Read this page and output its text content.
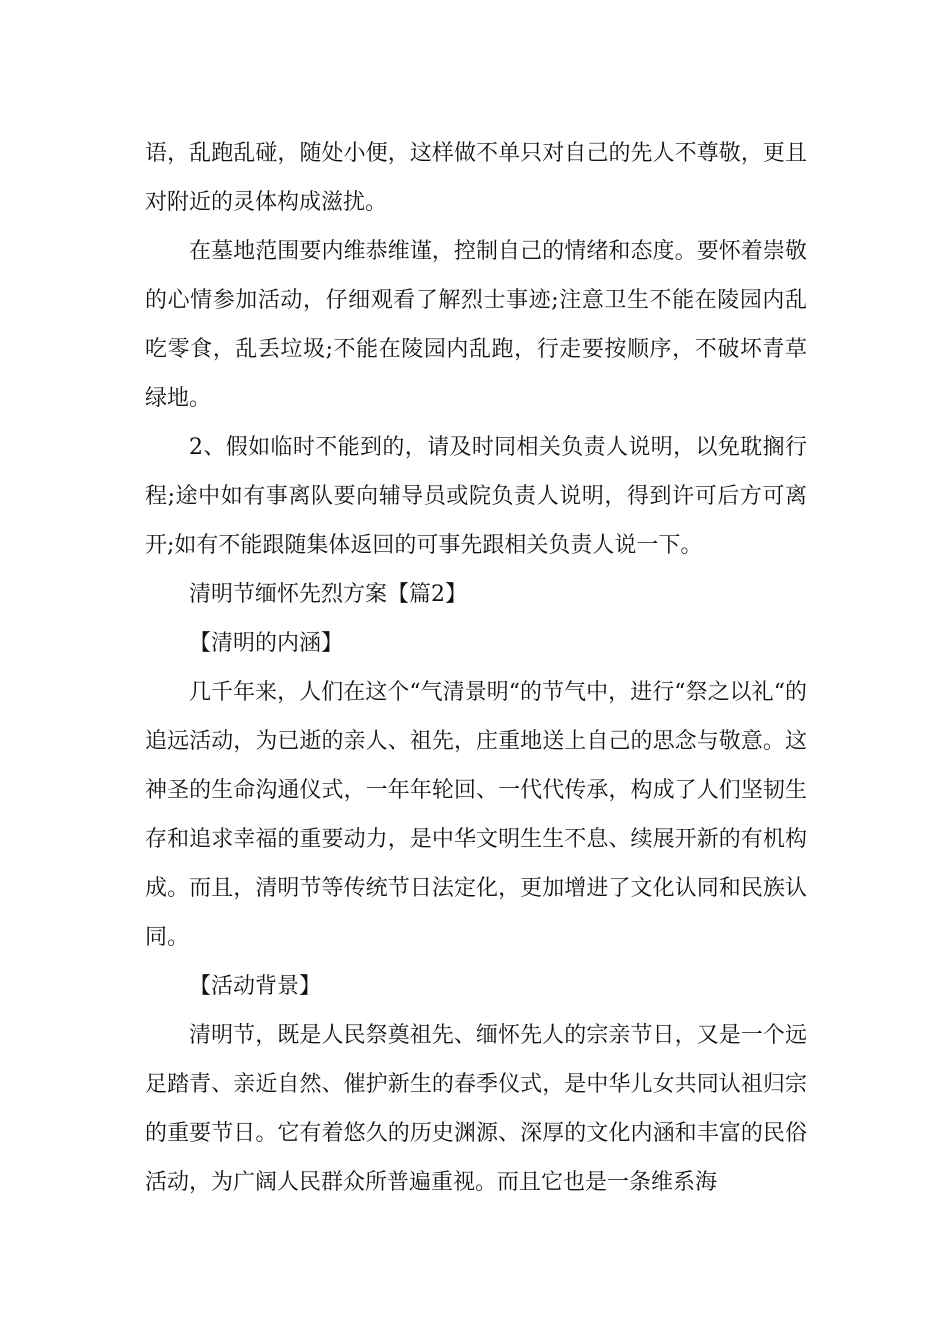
语，乱跑乱碰，随处小便，这样做不单只对自己的先人不尊敬，更且对附近的灵体构成滋扰。

在墓地范围要内维恭维谨，控制自己的情绪和态度。要怀着崇敬的心情参加活动，仔细观看了解烈士事迹;注意卫生不能在陵园内乱吃零食，乱丢垃圾;不能在陵园内乱跑，行走要按顺序，不破坏青草绿地。

2、假如临时不能到的，请及时同相关负责人说明，以免耽搁行程;途中如有事离队要向辅导员或院负责人说明，得到许可后方可离开;如有不能跟随集体返回的可事先跟相关负责人说一下。

清明节缅怀先烈方案【篇2】

【清明的内涵】

几千年来，人们在这个“气清景明“的节气中，进行“祭之以礼“的追远活动，为已逝的亲人、祖先，庄重地送上自己的思念与敬意。这神圣的生命沟通仪式，一年年轮回、一代代传承，构成了人们坚韧生存和追求幸福的重要动力，是中华文明生生不息、续展开新的有机构成。而且，清明节等传统节日法定化，更加增进了文化认同和民族认同。

【活动背景】

清明节，既是人民祭奠祖先、缅怀先人的宗亲节日，又是一个远足踏青、亲近自然、催护新生的春季仪式，是中华儿女共同认祖归宗的重要节日。它有着悠久的历史渊源、深厚的文化内涵和丰富的民俗活动，为广阔人民群众所普遍重视。而且它也是一条维系海
